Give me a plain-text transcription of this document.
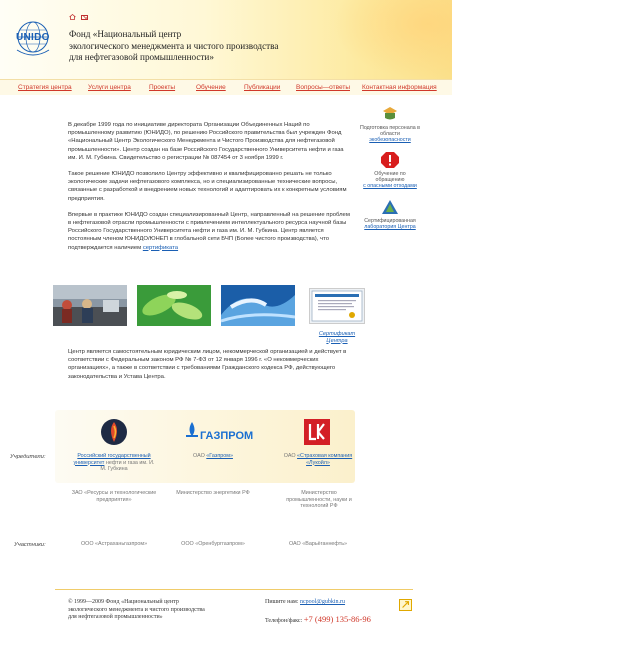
UNIDO Фонд «Национальный центр
экологического менеджмента и чистого производства
для нефтегазовой промышленности»
Стратегия центра	Услуги центра	Проекты	Обучение	Публикации Вопросы—ответы Контактная информация

В декабре 1999 года по инициативе директората Организации Объединенных Наций по промышленному развитию (ЮНИДО), по решению Российского правительства был учрежден Фонд «Национальный Центр Экологического Менеджмента и Чистого Производства для нефтегазовой промышленности». Центр создан на базе Российского Государственного Университета нефти и газа им. И. М. Губкина. Свидетельство о регистрации № 087454 от 3 ноября 1999 г.

Такое решение ЮНИДО позволило Центру эффективно и квалифицированно решать не только экологические задачи нефтегазового комплекса, но и специализированные технические вопросы, связанные с разработкой и внедрением новых технологий и адаптировать их к конкретным условиям предприятия.

Впервые в практике ЮНИДО создан специализированный Центр, направленный на решение проблем в нефтегазовой отрасли промышленности с привлечением интеллектуального ресурса научной базы Российского Государственного Университета нефти и газа им. И. М. Губкина. Центр является постоянным членом ЮНИДО/ЮНЕП в глобальной сети БЧП (Более чистого производства), что подтверждается наличием сертификата

Подготовка персонала в области
экобезопасности
Обучение по обращению
с опасными отходами
Сертифицированная
лаборатория Центра
Сертификат Центра
Центр является самостоятельным юридическим лицом, некоммерческой организацией и действует в соответствии с Федеральным законом РФ № 7-ФЗ от 12 января 1996 г. «О некоммерческих организациях», а также в соответствии с требованиями Гражданского кодекса РФ, действующего законодательства и Устава Центра.
Учредители:	Российский государственный университет нефти и газа им. И. М. Губкина
ГАЗПРОМ
ОАО «Газпром»	ОАО «Страховая компания «Лукойл»
ЗАО «Ресурсы и технологические предприятия»
Министерство энергетики РФ	Министерство промышленности, науки и технологий РФ
Участники:	ООО «Астраханьгазпром»	ООО «Оренбурггазпром»	ОАО «Варьёганнефть»
© 1999—2009 Фонд «Национальный центр
экологического менеджмента и чистого производства
для нефтегазовой промышленности»
Пишите нам: ncpool@gubkin.ru
Телефон/факс: +7 (499) 135-86-96
